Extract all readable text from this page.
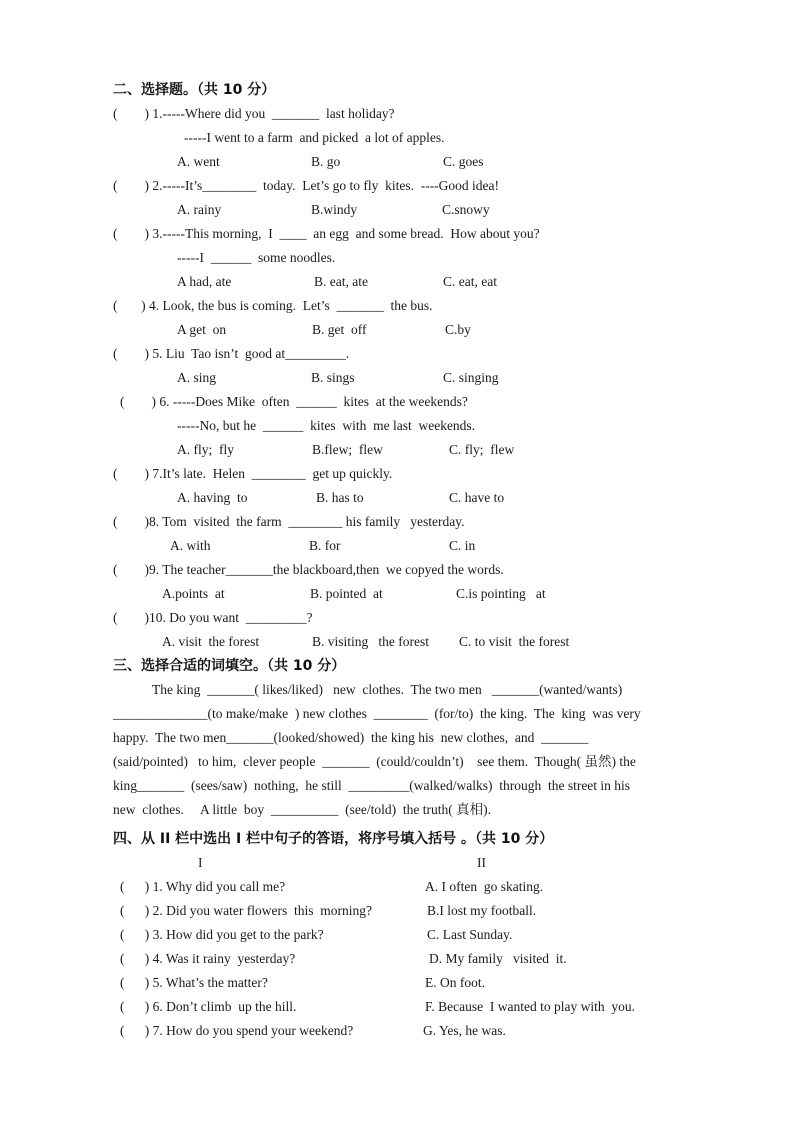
二、选择题。（共 10 分）
(        ) 1.-----Where did you  _______  last holiday?
-----I went to a farm  and picked  a lot of apples.
A. went	B. go	C. goes
(        ) 2.-----It’s________  today.  Let’s go to fly  kites.  ----Good idea!
A. rainy	B.windy	C.snowy
(        ) 3.-----This morning,  I  ____  an egg  and some bread.  How about you?
-----I  ______  some noodles.
A had, ate	B. eat, ate	C. eat, eat
(       ) 4. Look, the bus is coming.  Let’s  _______  the bus.
A get  on	B. get  off	C.by
(        ) 5. Liu  Tao isn’t  good at_________.
A. sing	B. sings	C. singing
(        ) 6. -----Does Mike  often  ______  kites  at the weekends?
-----No, but he  ______  kites  with  me last  weekends.
A. fly;  fly	B.flew;  flew	C. fly;  flew
(        ) 7.It’s late.  Helen  ________  get up quickly.
A. having  to	B. has to	C. have to
(        )8. Tom  visited  the farm  ________ his family   yesterday.
A. with	B. for	C. in
(        )9. The teacher_______the blackboard,then  we copyed the words.
A.points  at	B. pointed  at	C.is pointing   at
(        )10. Do you want  _________?
A. visit  the forest	B. visiting   the forest C. to visit  the forest
三、选择合适的词填空。（共 10 分）
The king  _______( likes/liked)   new  clothes.  The two men   _______(wanted/wants)
______________(to make/make  ) new clothes  ________  (for/to)  the king.  The  king  was very
happy.  The two men_______(looked/showed)  the king his  new clothes,  and  _______
(said/pointed)   to him,  clever people  _______  (could/couldn’t)    see them.  Though( 虽然) the
king_______  (sees/saw)  nothing,  he still  _________(walked/walks)  through  the street in his
new  clothes.     A little  boy  __________  (see/told)  the truth( 真相).
四、从 II 栏中选出 I 栏中句子的答语，将序号填入括号 。（共 10 分）
I	II
(      ) 1. Why did you call me?	A. I often  go skating.
(      ) 2. Did you water flowers  this  morning?	B.I lost my football.
(      ) 3. How did you get to the park?	C. Last Sunday.
(      ) 4. Was it rainy  yesterday?	D. My family   visited  it.
(      ) 5. What’s the matter?	E. On foot.
(      ) 6. Don’t climb  up the hill.	F. Because  I wanted to play with  you.
(      ) 7. How do you spend your weekend?	G. Yes, he was.
